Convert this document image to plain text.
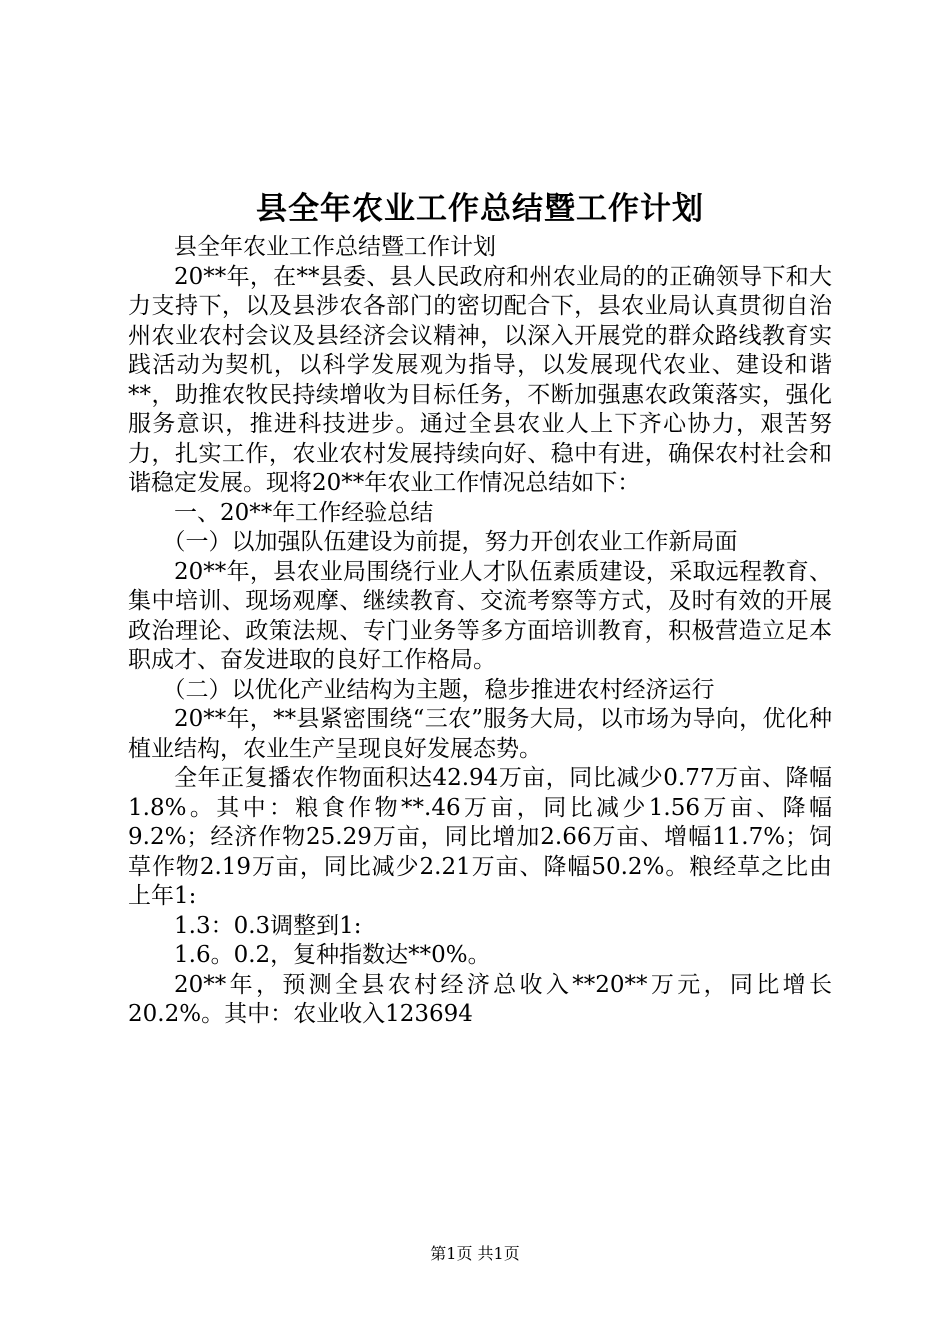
县全年农业工作总结暨工作计划

县全年农业工作总结暨工作计划

20**年，在**县委、县人民政府和州农业局的的正确领导下和大力支持下，以及县涉农各部门的密切配合下，县农业局认真贯彻自治州农业农村会议及县经济会议精神，以深入开展党的群众路线教育实践活动为契机，以科学发展观为指导，以发展现代农业、建设和谐**，助推农牧民持续增收为目标任务，不断加强惠农政策落实，强化服务意识，推进科技进步。通过全县农业人上下齐心协力，艰苦努力，扎实工作，农业农村发展持续向好、稳中有进，确保农村社会和谐稳定发展。现将20**年农业工作情况总结如下：

一、20**年工作经验总结

（一）以加强队伍建设为前提，努力开创农业工作新局面

20**年，县农业局围绕行业人才队伍素质建设，采取远程教育、集中培训、现场观摩、继续教育、交流考察等方式，及时有效的开展政治理论、政策法规、专门业务等多方面培训教育，积极营造立足本职成才、奋发进取的良好工作格局。

（二）以优化产业结构为主题，稳步推进农村经济运行

20**年，**县紧密围绕“三农”服务大局，以市场为导向，优化种植业结构，农业生产呈现良好发展态势。

全年正复播农作物面积达42.94万亩，同比减少0.77万亩、降幅1.8%。其中：粮食作物**.46万亩，同比减少1.56万亩、降幅9.2%；经济作物25.29万亩，同比增加2.66万亩、增幅11.7%；饲草作物2.19万亩，同比减少2.21万亩、降幅50.2%。粮经草之比由上年1:

1.3：0.3调整到1:

1.6。0.2，复种指数达**0%。

20**年，预测全县农村经济总收入**20**万元，同比增长20.2%。其中：农业收入123694

第1页 共1页
